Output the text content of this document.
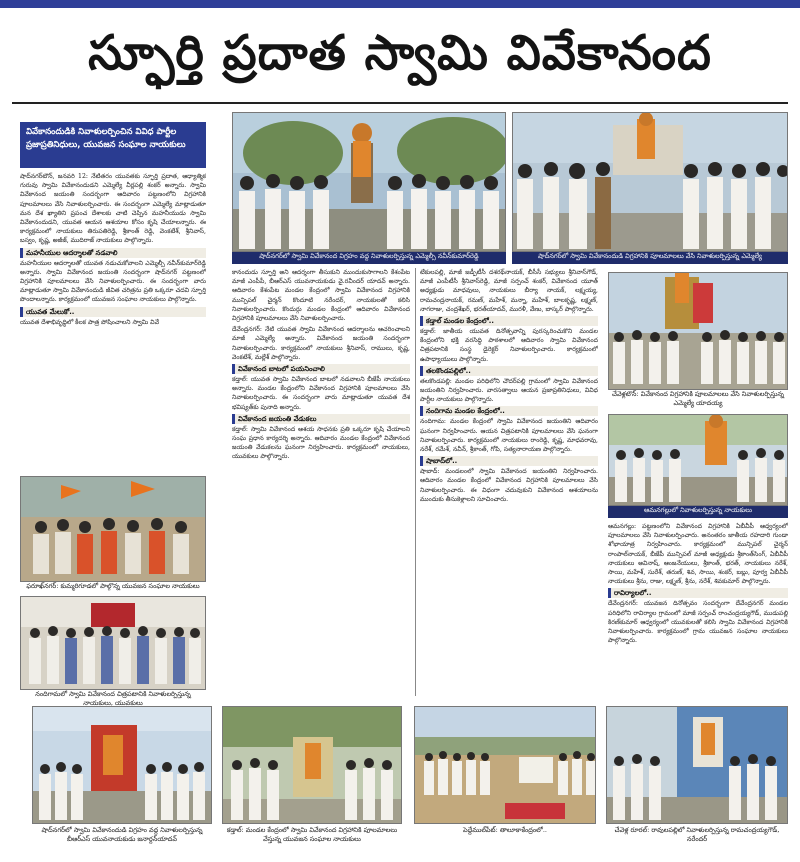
స్ఫూర్తి ప్రదాత స్వామి వివేకానంద
వివేకానందుడికి నివాళులర్పించిన వివిధ పార్టీల ప్రజాప్రతినిధులు, యువజన సంఘాల నాయకులు

షాద్‌నగర్‌టౌన్, జనవరి 12: నేటితరం యువతకు స్ఫూర్తి ప్రదాత, ఆధ్యాత్మిక గురువు స్వామి వివేకానందుడని ఎమ్మెల్యే వీర్లపల్లి శంకర్ అన్నారు. స్వామి వివేకానంద జయంతి సందర్భంగా ఆదివారం పట్టణంలోని విగ్రహానికి పూలమాలలు వేసి నివాళులర్పించారు. ఈ సందర్భంగా ఎమ్మెల్యే మాట్లాడుతూ మన దేశ ఖ్యాతిని ప్రపంచ దేశాలకు చాటి చెప్పిన మహనీయుడు స్వామి వివేకానందుడని, యువత ఆయన ఆశయాల కోసం కృషి చేయాలన్నారు. ఈ కార్యక్రమంలో నాయకులు తిరుపతిరెడ్డి, శ్రీకాంత్ రెడ్డి, వెంకటేశ్, శ్రీనివాస్, బస్వం, కృష్ణ, అజీజ్, ముదిరాజ్ నాయకులు పాల్గొన్నారు.

మహనీయుల ఆదర్శాలతో నడవాలి

మహనీయుల ఆదర్శాలతో యువత నడుచుకోవాలని ఎమ్మెల్సీ నవీన్‌కుమార్‌రెడ్డి అన్నారు. స్వామి వివేకానంద జయంతి సందర్భంగా షాద్‌నగర్ పట్టణంలో విగ్రహానికి పూలమాలలు వేసి నివాళులర్పించారు. ఈ సందర్భంగా వారు మాట్లాడుతూ స్వామి వివేకానందుడి జీవిత చరిత్రను ప్రతి ఒక్కరూ చదవి స్ఫూర్తి పొందాలన్నారు. కార్యక్రమంలో యువజన సంఘాల నాయకులు పాల్గొన్నారు.

యువత మేలుకో..

యువత దేశాభివృద్ధిలో కీలక పాత్ర పోషించాలని స్వామి వివే

ఫరూఖ్‌నగర్: కుమ్మరిగూడలో పాల్గొన్న యువజన సంఘాల నాయకులు
నందిగామలో స్వామి వివేకానంద చిత్రపటానికి నివాళులర్పిస్తున్న నాయకులు, యువకులు
షాద్‌నగర్‌లో స్వామి వివేకానంద విగ్రహం వద్ద నివాళులర్పిస్తున్న ఎమ్మెల్సీ నవీన్‌కుమార్‌రెడ్డి	షాద్‌నగర్‌లో స్వామి వివేకానందుడి విగ్రహానికి పూలమాలలు వేసి నివాళులర్పిస్తున్న ఎమ్మెల్యే

కానందుడు స్ఫూర్తి అని ఆదర్శంగా తీసుకుని ముందుకుసాగాలని కేశంపేట మాజీ ఎంపీపీ, బీఆర్ఎస్ యువనాయకుడు వై.రవీందర్ యాదవ్ అన్నారు. ఆదివారం కేశంపేట మండల కేంద్రంలో స్వామి వివేకానంద విగ్రహానికి మున్సిపల్ చైర్మన్ కొందూటి నరేందర్, నాయకులతో కలిసి నివాళులర్పించారు. కొందుర్గు మండల కేంద్రంలో ఆదివారం వివేకానంద విగ్రహానికి పూలమాలలు వేసి నివాళులర్పించారు.

దేవేంద్రనగర్: నేటి యువత స్వామి వివేకానంద ఆదర్శాలను ఆచరించాలని మాజీ ఎమ్మెల్యే అన్నారు. వివేకానంద జయంతి సందర్భంగా నివాళులర్పించారు. కార్యక్రమంలో నాయకులు శ్రీనివాస్, రాములు, కృష్ణ, వెంకటేశ్, మల్లేశ్ పాల్గొన్నారు.

వివేకానంద బాటలో పయనించాలి

కడ్తాల్: యువత స్వామి వివేకానంద బాటలో నడవాలని బీజేపీ నాయకులు అన్నారు. మండల కేంద్రంలోని వివేకానంద విగ్రహానికి పూలమాలలు వేసి నివాళులర్పించారు. ఈ సందర్భంగా వారు మాట్లాడుతూ యువత దేశ భవిష్యత్‌కు పునాది అన్నారు.

వివేకానంద జయంతి వేడుకలు

కడ్తాల్: స్వామి వివేకానంద ఆశయ సాధనకు ప్రతి ఒక్కరూ కృషి చేయాలని సంఘ ప్రధాన కార్యదర్శి అన్నారు. ఆదివారం మండల కేంద్రంలో వివేకానంద జయంతి వేడుకలను ఘనంగా నిర్వహించారు. కార్యక్రమంలో నాయకులు, యువకులు పాల్గొన్నారు.

టేకులపల్లి, మాజీ జడ్పీటీసీ దశరథ్‌నాయక్, బీసీసీ సభ్యులు శ్రీనివాస్‌గౌడ్, మాజీ ఎంపీటీసీ శ్రీనివాస్‌రెడ్డి, మాజీ సర్పంచ్ శంకర్, వివేకానంద యూత్ అధ్యక్షుడు మాధవులు, నాయకులు బీర్యా నాయక్, లక్ష్మయ్య, రామచంద్రనాయక్, రమణ్, మహేశ్, మన్నా, మహేశ్, బాలకృష్ణ, లక్ష్మణ్, నాగరాజు, చంద్రశేఖర్, భరత్‌యాదవ్, మురళీ, వేణు, బాస్కర్ పాల్గొన్నారు.

కడ్తాల్ మండల కేంద్రంలో..

కడ్తాల్: జాతీయ యువత దినోత్సవాన్ని పురస్కరించుకొని మండల కేంద్రంలోని భక్తి వరసిద్ధి పాఠశాలలో ఆదివారం స్వామి వివేకానంద చిత్రపటానికి సంస్థ డైరెక్టర్ నివాళులర్పించారు. కార్యక్రమంలో ఉపాధ్యాయులు పాల్గొన్నారు.

తలకొండపల్లిలో..

తలకొండపల్లి: మండల పరిధిలోని చౌదర్‌పల్లి గ్రామంలో స్వామి వివేకానంద జయంతిని నిర్వహించారు. వారసత్వాలు ఆయన ప్రజాప్రతినిధులు, వివిధ పార్టీల నాయకులు పాల్గొన్నారు.

నందిగామ మండల కేంద్రంలో..

నందిగామ: మండల కేంద్రంలో స్వామి వివేకానంద జయంతిని ఆదివారం ఘనంగా నిర్వహించారు. ఆయన చిత్రపటానికి పూలమాలలు వేసి ఘనంగా నివాళులర్పించారు. కార్యక్రమంలో నాయకులు రాంరెడ్డి, కృష్ణ, మాధవరావు, నరేశ్, రమేశ్, నవీన్, శ్రీకాంత్, గోపి, సత్యనారాయణ పాల్గొన్నారు.

షాబాద్‌లో..

షాబాద్: మండలంలో స్వామి వివేకానంద జయంతిని నిర్వహించారు. ఆదివారం మండల కేంద్రంలో వివేకానంద విగ్రహానికి పూలమాలలు వేసి నివాళులర్పించారు. ఈ విధంగా చదువుకుని వివేకానంద ఆశయాలను ముందుకు తీసుకెళ్లాలని సూచించారు.

చేవెళ్లటౌన్: వివేకానంద విగ్రహానికి పూలమాలలు వేసి నివాళులర్పిస్తున్న ఎమ్మెల్యే యాదయ్య
ఆమనగల్లులో నివాళులర్పిస్తున్న నాయకులు

ఆమనగల్లు: పట్టణంలోని వివేకానంద విగ్రహానికి ఏబీవీపీ ఆధ్వర్యంలో పూలమాలలు వేసి నివాళులర్పించారు. అనంతరం జాతీయ రహదారి గుండా శోభాయాత్ర నిర్వహించారు. కార్యక్రమంలో మున్సిపల్ చైర్మన్ రాంపాల్‌నాయక్, బీజేపీ మున్సిపల్ మాజీ అధ్యక్షుడు శ్రీకాంత్‌సింగ్, ఏబీవీపీ నాయకులు అవినాష్, ఆంజనేయులు, శ్రీకాంత్, భరత్, నాయకులు నరేశ్, సాయి, మహేశ్, సురేశ్, తరుణ్, శివ, సాయి, శంకర్, బబ్లు, పూర్వ ఏబీవీపీ నాయకులు శ్రీను, రాజు, లక్ష్మణ్, శ్రీను, నరేశ్, శివకుమార్ పాల్గొన్నారు.

రావిర్యాలలో..

దేవేంద్రనగర్: యువజన దినోత్సవం సందర్భంగా దేవేంద్రనగర్ మండల పరిధిలోని రావిర్యాల గ్రామంలో మాజీ సర్పంచ్ రాంచంద్రయ్యగౌడ్, ముడుపల్లి కిరణ్‌కుమార్ ఆధ్వర్యంలో యువకులతో కలిసి స్వామి వివేకానంద విగ్రహానికి నివాళులర్పించారు. కార్యక్రమంలో గ్రామ యువజన సంఘాల నాయకులు పాల్గొన్నారు.

షాద్‌నగర్‌లో స్వామి వివేకానందుడి విగ్రహం వద్ద నివాళులర్పిస్తున్న బీఆర్ఎస్ యువనాయకుడు జనార్దన్‌యాదవ్
కడ్తాల్: మండల కేంద్రంలో స్వామి వివేకానంద విగ్రహానికి పూలమాలలు వేస్తున్న యువజన సంఘాల నాయకులు
పెద్దేముల్‌పేట్: తాలూకాకేంద్రంలో..	చేవెళ్ల రూరల్: రావులపల్లిలో నివాళులర్పిస్తున్న రామచంద్రయ్యగౌడ్, నరేందర్
